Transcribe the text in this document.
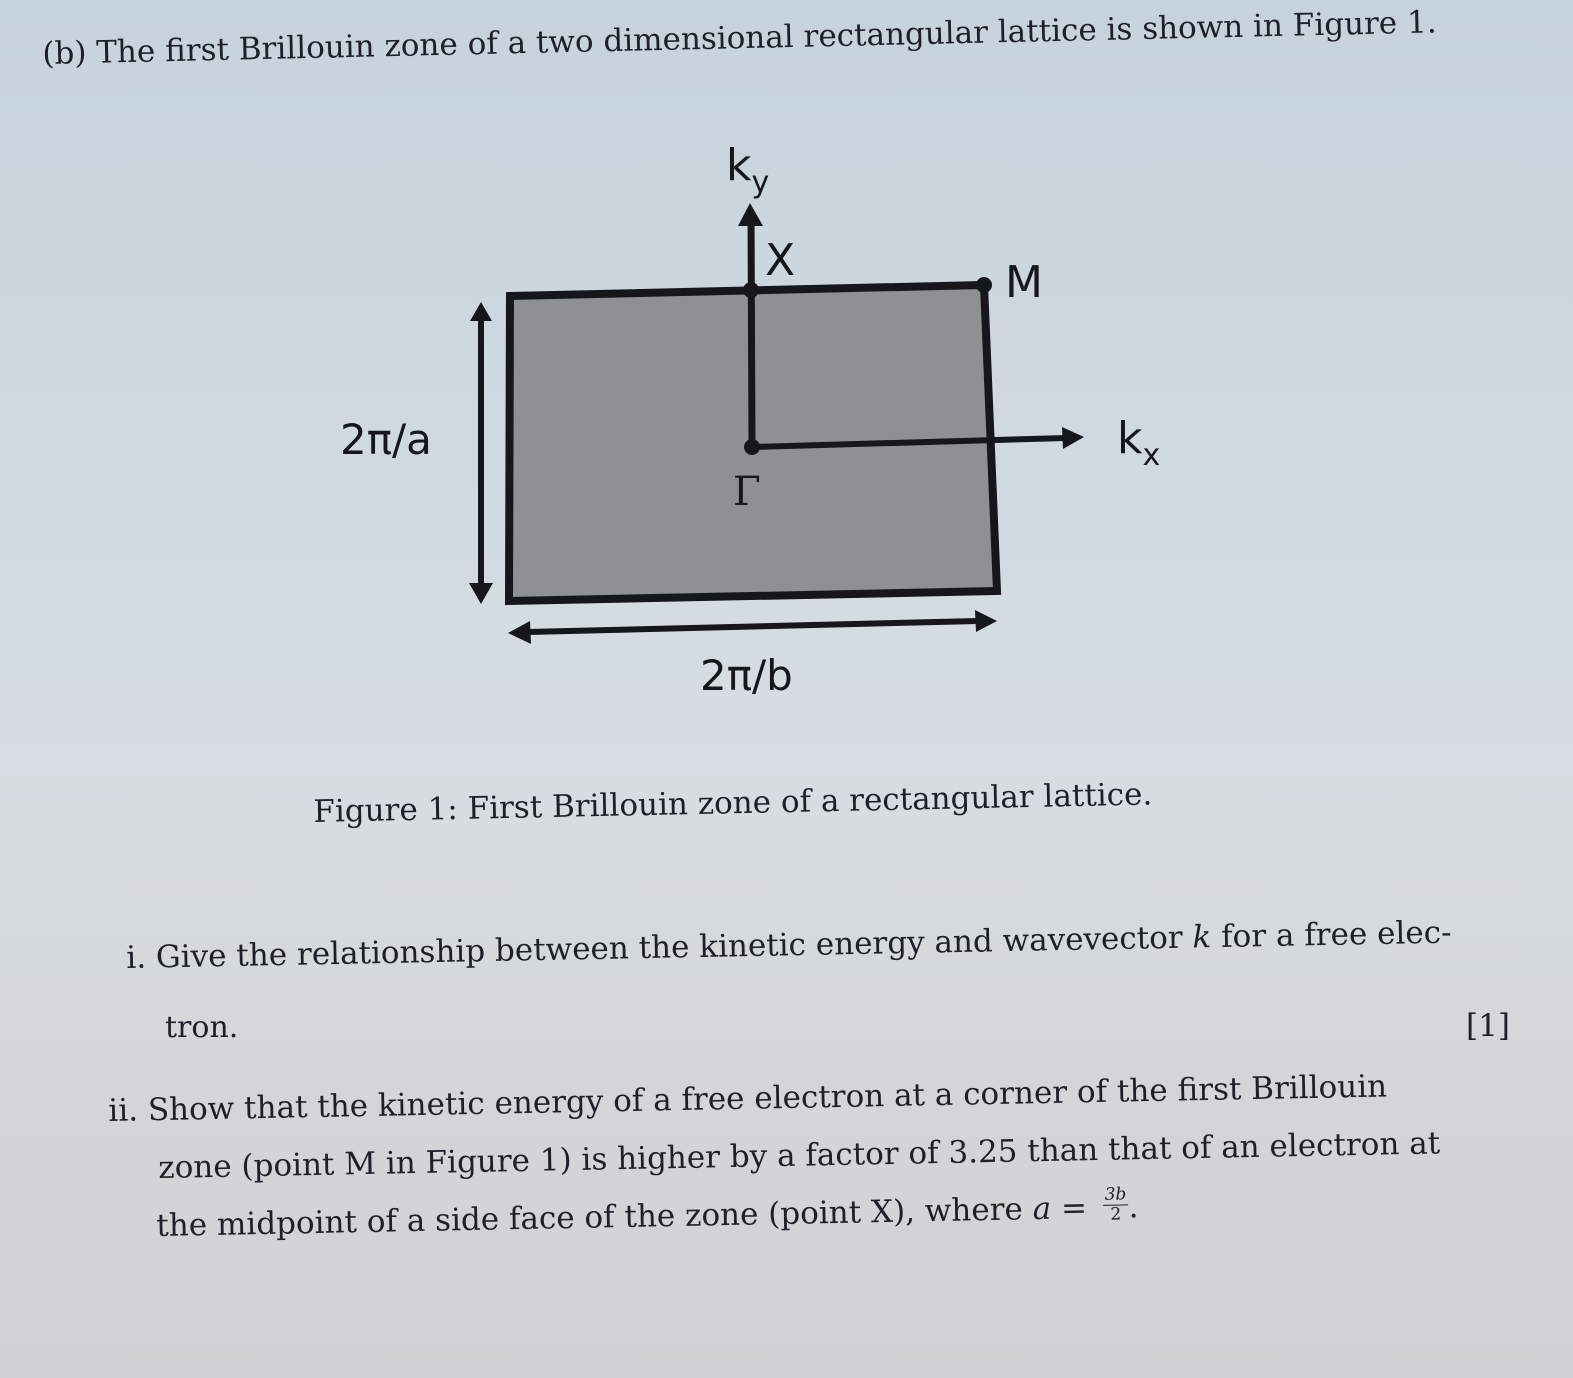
(b) The first Brillouin zone of a two dimensional rectangular lattice is shown in Figure 1.
$k_y$
$k_x$
X	M
Γ
2π/a
2π/b
Figure 1: First Brillouin zone of a rectangular lattice.
i. Give the relationship between the kinetic energy and wavevector k for a free elec-
tron.	[1]
ii. Show that the kinetic energy of a free electron at a corner of the first Brillouin
zone (point M in Figure 1) is higher by a factor of 3.25 than that of an electron at
the midpoint of a side face of the zone (point X), where $a = \frac{3b}{2}$ .
